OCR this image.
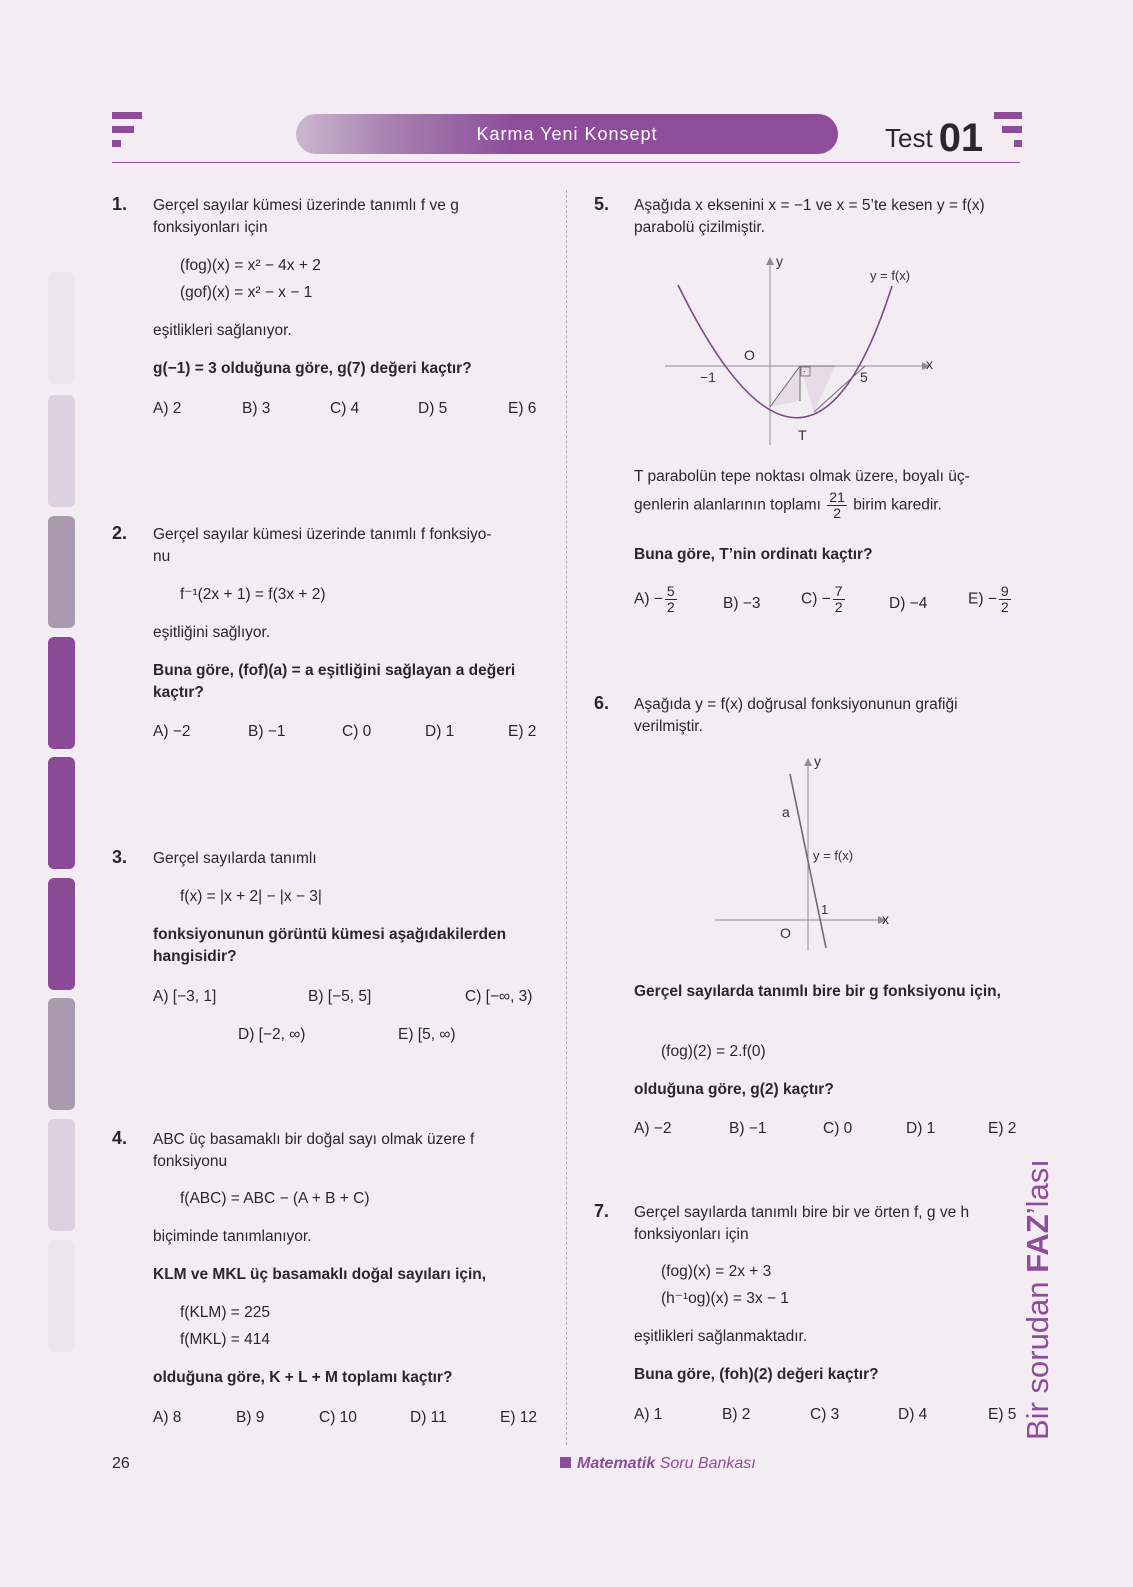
Karma Yeni Konsept	Test 01
1. Gerçel sayılar kümesi üzerinde tanımlı f ve g fonksiyonları için
(fog)(x) = x² − 4x + 2
(gof)(x) = x² − x − 1
eşitlikleri sağlanıyor.
g(−1) = 3 olduğuna göre, g(7) değeri kaçtır?
A) 2	B) 3	C) 4	D) 5	E) 6
2. Gerçel sayılar kümesi üzerinde tanımlı f fonksiyo-
nu
f⁻¹(2x + 1) = f(3x + 2)
eşitliğini sağlıyor.
Buna göre, (fof)(a) = a eşitliğini sağlayan a değeri kaçtır?
A) −2	B) −1	C) 0	D) 1	E) 2
3. Gerçel sayılarda tanımlı
f(x) = |x + 2| − |x − 3|
fonksiyonunun görüntü kümesi aşağıdakilerden hangisidir?
A) [−3, 1]	B) [−5, 5]	C) [−∞, 3)
D) [−2, ∞)	E) [5, ∞)
4. ABC üç basamaklı bir doğal sayı olmak üzere f fonksiyonu
f(ABC) = ABC − (A + B + C)
biçiminde tanımlanıyor.
KLM ve MKL üç basamaklı doğal sayıları için,
f(KLM) = 225
f(MKL) = 414
olduğuna göre, K + L + M toplamı kaçtır?
A) 8	B) 9	C) 10	D) 11	E) 12
5. Aşağıda x eksenini x = −1 ve x = 5’te kesen y = f(x) parabolü çizilmiştir.
·
y
x
y = f(x)
O
−1	5
T
T parabolün tepe noktası olmak üzere, boyalı üç-
genlerin alanlarının toplamı $\frac{21}{2}$ birim karedir.
Buna göre, T’nin ordinatı kaçtır?
$A) - \frac{5}{2}$	B) −3	$C) - \frac{7}{2}$	D) −4	$E) - \frac{9}{2}$
6. Aşağıda y = f(x) doğrusal fonksiyonunun grafiği verilmiştir.
y
x
a
y = f(x)
1
O
Gerçel sayılarda tanımlı bire bir g fonksiyonu için,
(fog)(2) = 2.f(0)
olduğuna göre, g(2) kaçtır?
A) −2	B) −1	C) 0	D) 1	E) 2
7. Gerçel sayılarda tanımlı bire bir ve örten f, g ve h fonksiyonları için
(fog)(x) = 2x + 3
(h⁻¹og)(x) = 3x − 1
eşitlikleri sağlanmaktadır.
Buna göre, (foh)(2) değeri kaçtır?
A) 1	B) 2	C) 3	D) 4	E) 5 Bir sorudan FAZ’lası
26	Matematik Soru Bankası
